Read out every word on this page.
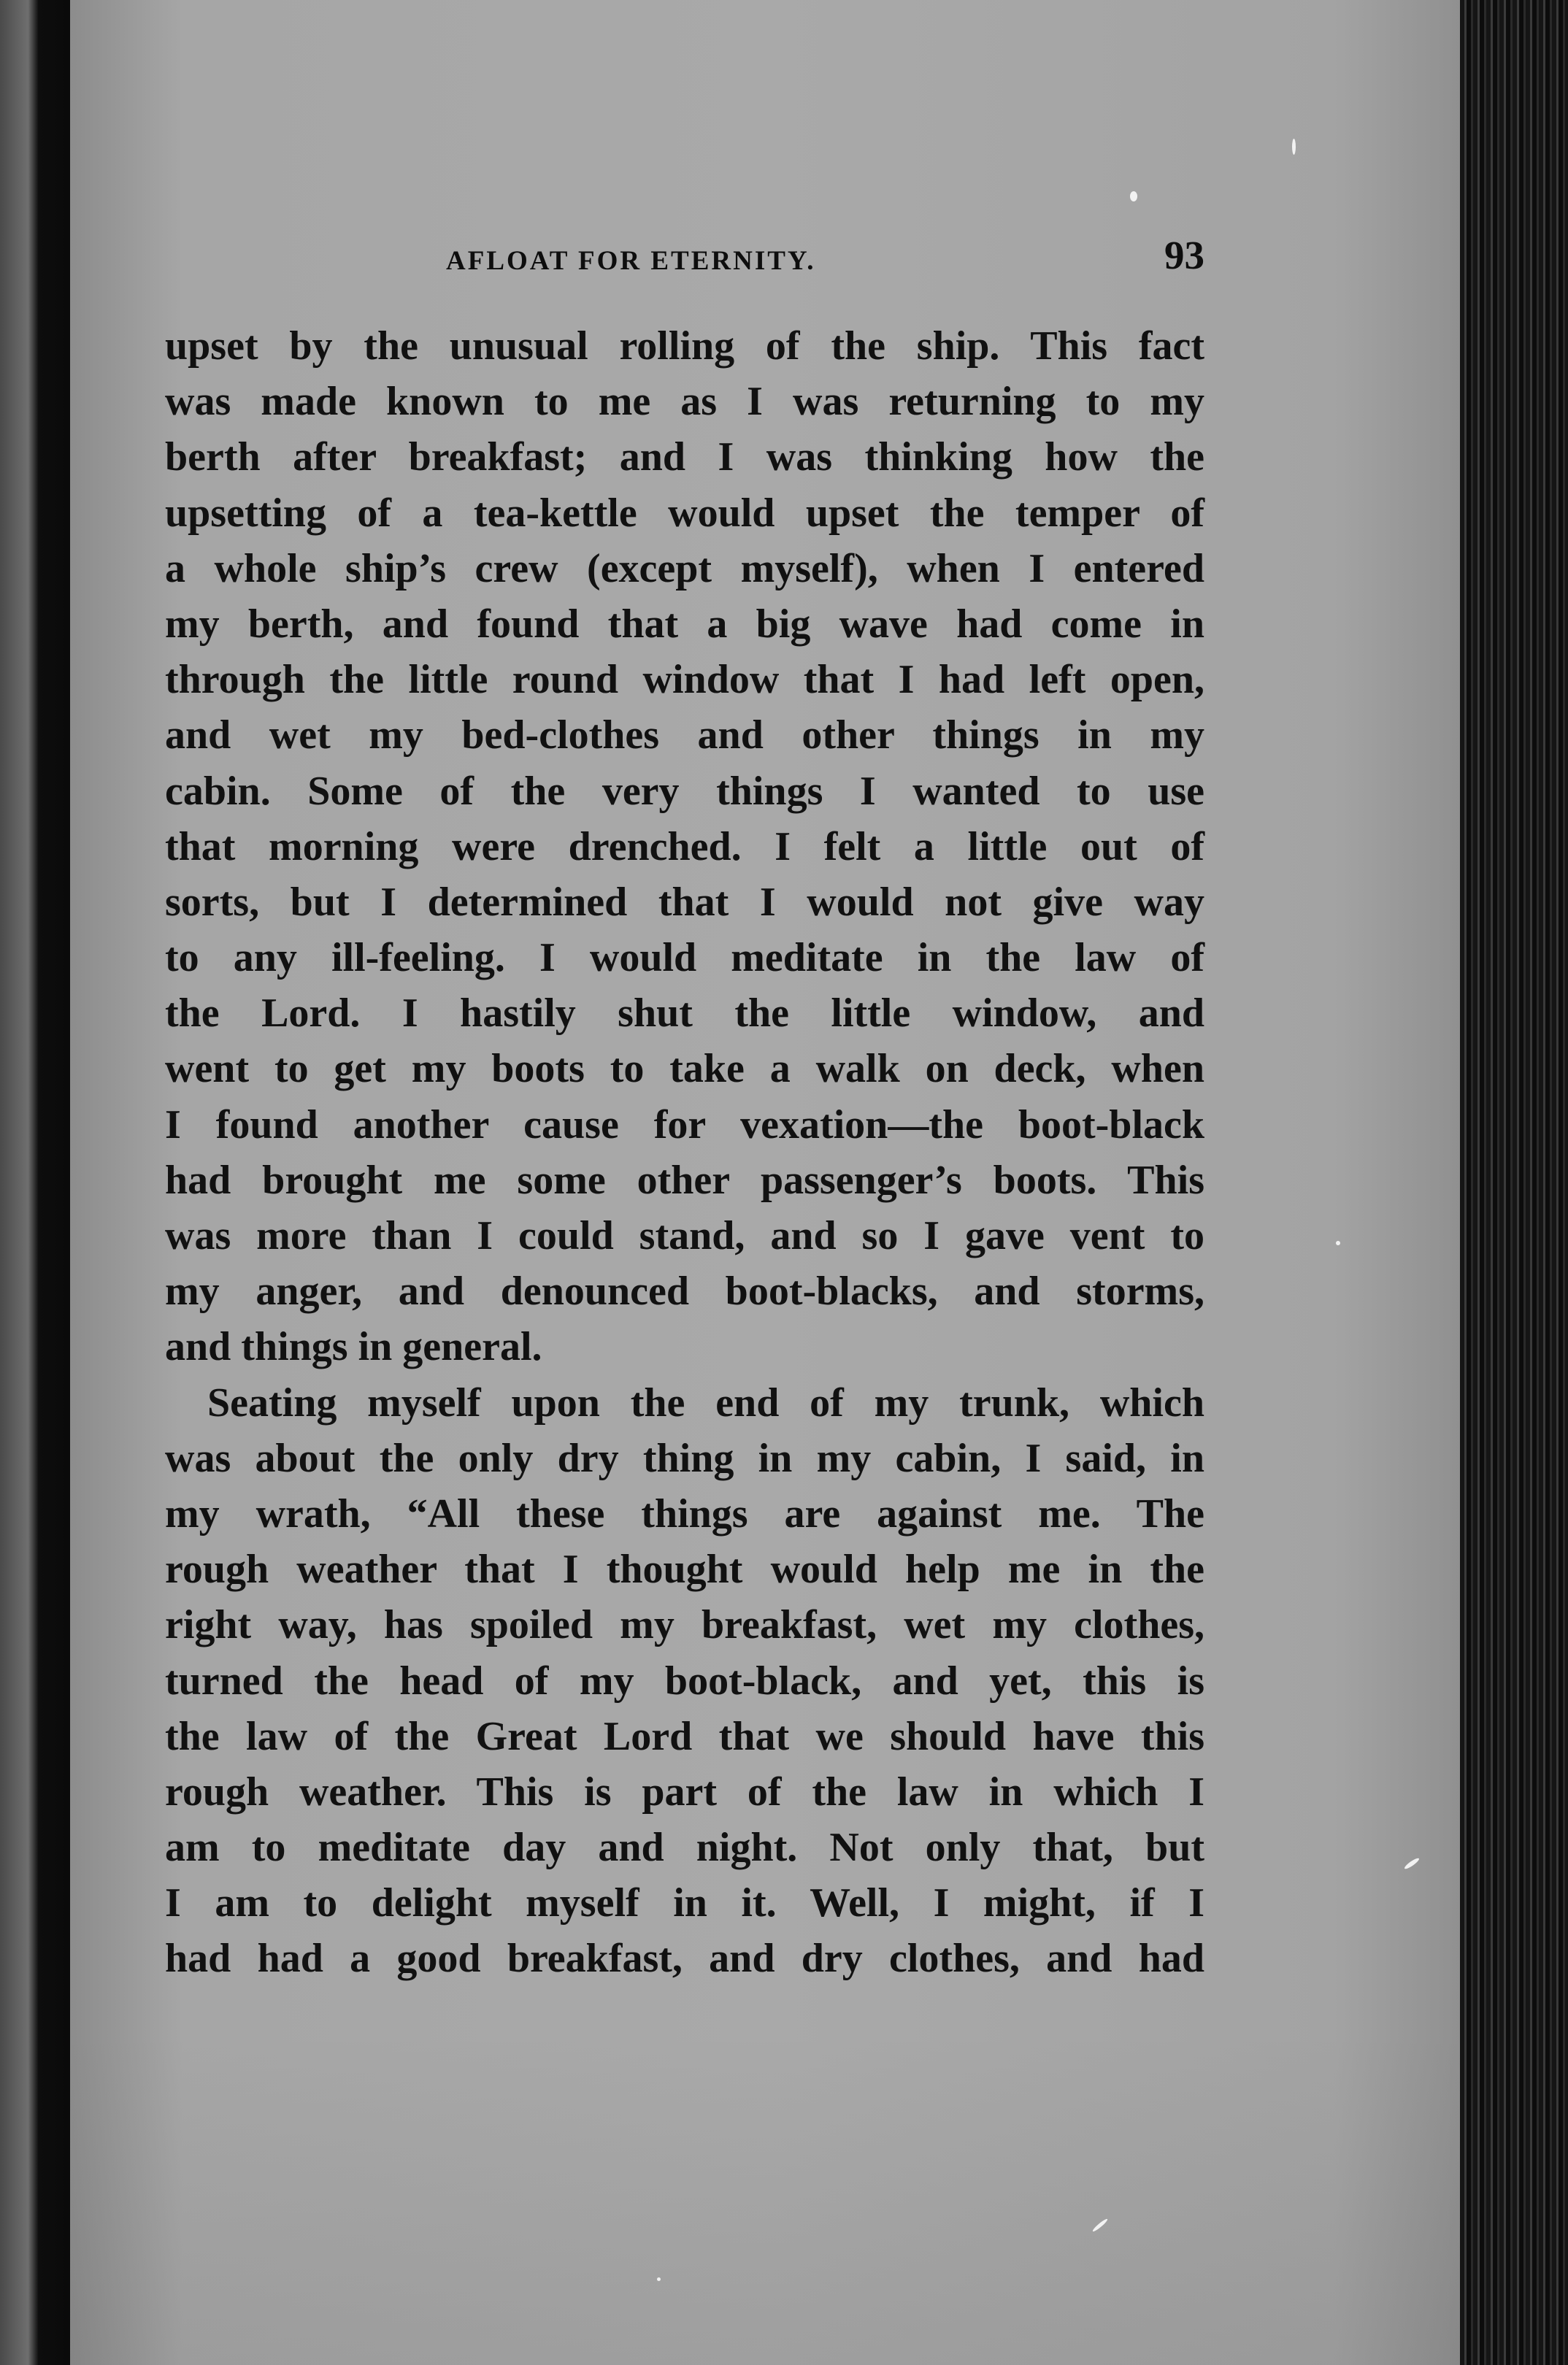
AFLOAT FOR ETERNITY.	93
upset by the unusual rolling of the ship. This fact
was made known to me as I was returning to my
berth after breakfast; and I was thinking how the
upsetting of a tea-kettle would upset the temper of
a whole ship’s crew (except myself), when I entered
my berth, and found that a big wave had come in
through the little round window that I had left open,
and wet my bed-clothes and other things in my
cabin. Some of the very things I wanted to use
that morning were drenched. I felt a little out of
sorts, but I determined that I would not give way
to any ill-feeling. I would meditate in the law of
the Lord. I hastily shut the little window, and
went to get my boots to take a walk on deck, when
I found another cause for vexation—the boot-black
had brought me some other passenger’s boots. This
was more than I could stand, and so I gave vent to
my anger, and denounced boot-blacks, and storms,
and things in general.
Seating myself upon the end of my trunk, which
was about the only dry thing in my cabin, I said, in
my wrath, “All these things are against me. The
rough weather that I thought would help me in the
right way, has spoiled my breakfast, wet my clothes,
turned the head of my boot-black, and yet, this is
the law of the Great Lord that we should have this
rough weather. This is part of the law in which I
am to meditate day and night. Not only that, but
I am to delight myself in it. Well, I might, if I
had had a good breakfast, and dry clothes, and had
